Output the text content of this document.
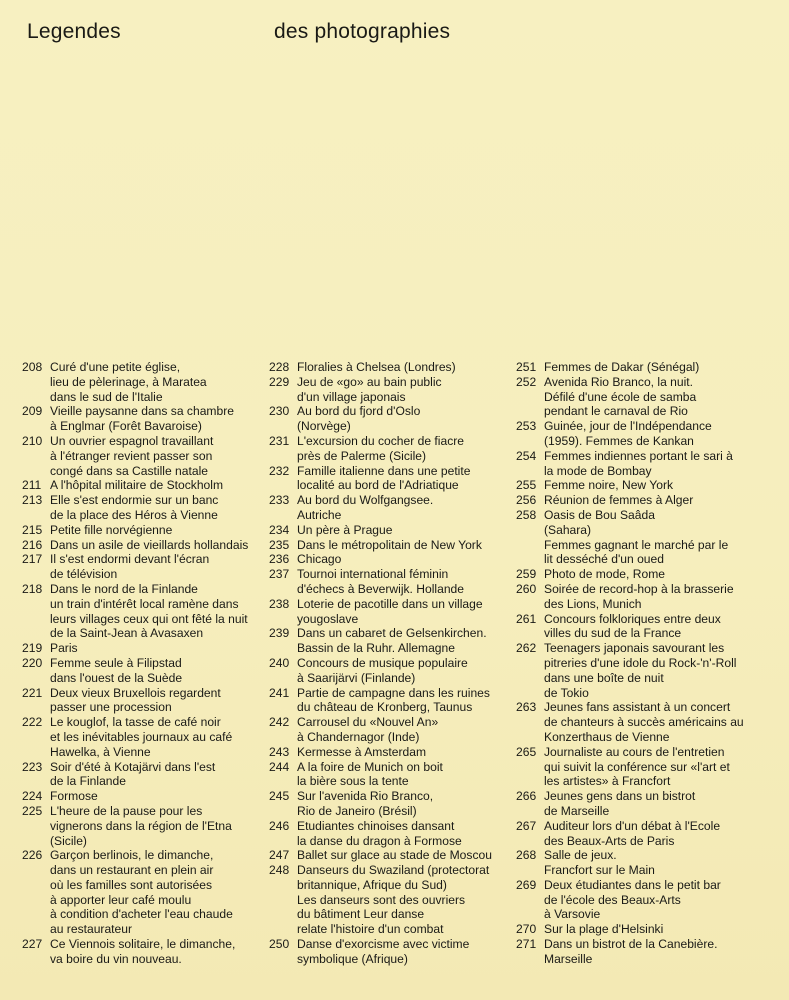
Legendes	des photographies
208 Curé d'une petite église,
lieu de pèlerinage, à Maratea
dans le sud de l'Italie
209 Vieille paysanne dans sa chambre
à Englmar (Forêt Bavaroise)
210 Un ouvrier espagnol travaillant
à l'étranger revient passer son
congé dans sa Castille natale
211 A l'hôpital militaire de Stockholm
213 Elle s'est endormie sur un banc
de la place des Héros à Vienne
215 Petite fille norvégienne
216 Dans un asile de vieillards hollandais
217 Il s'est endormi devant l'écran
de télévision
218 Dans le nord de la Finlande
un train d'intérêt local ramène dans
leurs villages ceux qui ont fêté la nuit
de la Saint-Jean à Avasaxen
219 Paris
220 Femme seule à Filipstad
dans l'ouest de la Suède
221 Deux vieux Bruxellois regardent
passer une procession
222 Le kouglof, la tasse de café noir
et les inévitables journaux au café
Hawelka, à Vienne
223 Soir d'été à Kotajärvi dans l'est
de la Finlande
224 Formose
225 L'heure de la pause pour les
vignerons dans la région de l'Etna
(Sicile)
226 Garçon berlinois, le dimanche,
dans un restaurant en plein air
où les familles sont autorisées
à apporter leur café moulu
à condition d'acheter l'eau chaude
au restaurateur
227 Ce Viennois solitaire, le dimanche,
va boire du vin nouveau.
228 Floralies à Chelsea (Londres)
229 Jeu de «go» au bain public
d'un village japonais
230 Au bord du fjord d'Oslo
(Norvège)
231 L'excursion du cocher de fiacre
près de Palerme (Sicile)
232 Famille italienne dans une petite
localité au bord de l'Adriatique
233 Au bord du Wolfgangsee.
Autriche
234 Un père à Prague
235 Dans le métropolitain de New York
236 Chicago
237 Tournoi international féminin
d'échecs à Beverwijk. Hollande
238 Loterie de pacotille dans un village
yougoslave
239 Dans un cabaret de Gelsenkirchen.
Bassin de la Ruhr. Allemagne
240 Concours de musique populaire
à Saarijärvi (Finlande)
241 Partie de campagne dans les ruines
du château de Kronberg, Taunus
242 Carrousel du «Nouvel An»
à Chandernagor (Inde)
243 Kermesse à Amsterdam
244 A la foire de Munich on boit
la bière sous la tente
245 Sur l'avenida Rio Branco,
Rio de Janeiro (Brésil)
246 Etudiantes chinoises dansant
la danse du dragon à Formose
247 Ballet sur glace au stade de Moscou
248 Danseurs du Swaziland (protectorat
britannique, Afrique du Sud)
Les danseurs sont des ouvriers
du bâtiment Leur danse
relate l'histoire d'un combat
250 Danse d'exorcisme avec victime
symbolique (Afrique)
251 Femmes de Dakar (Sénégal)
252 Avenida Rio Branco, la nuit.
Défilé d'une école de samba
pendant le carnaval de Rio
253 Guinée, jour de l'Indépendance
(1959). Femmes de Kankan
254 Femmes indiennes portant le sari à
la mode de Bombay
255 Femme noire, New York
256 Réunion de femmes à Alger
258 Oasis de Bou Saâda
(Sahara)
Femmes gagnant le marché par le
lit desséché d'un oued
259 Photo de mode, Rome
260 Soirée de record-hop à la brasserie
des Lions, Munich
261 Concours folkloriques entre deux
villes du sud de la France
262 Teenagers japonais savourant les
pitreries d'une idole du Rock-'n'-Roll
dans une boîte de nuit
de Tokio
263 Jeunes fans assistant à un concert
de chanteurs à succès américains au
Konzerthaus de Vienne
265 Journaliste au cours de l'entretien
qui suivit la conférence sur «l'art et
les artistes» à Francfort
266 Jeunes gens dans un bistrot
de Marseille
267 Auditeur lors d'un débat à l'Ecole
des Beaux-Arts de Paris
268 Salle de jeux.
Francfort sur le Main
269 Deux étudiantes dans le petit bar
de l'école des Beaux-Arts
à Varsovie
270 Sur la plage d'Helsinki
271 Dans un bistrot de la Canebière.
Marseille
